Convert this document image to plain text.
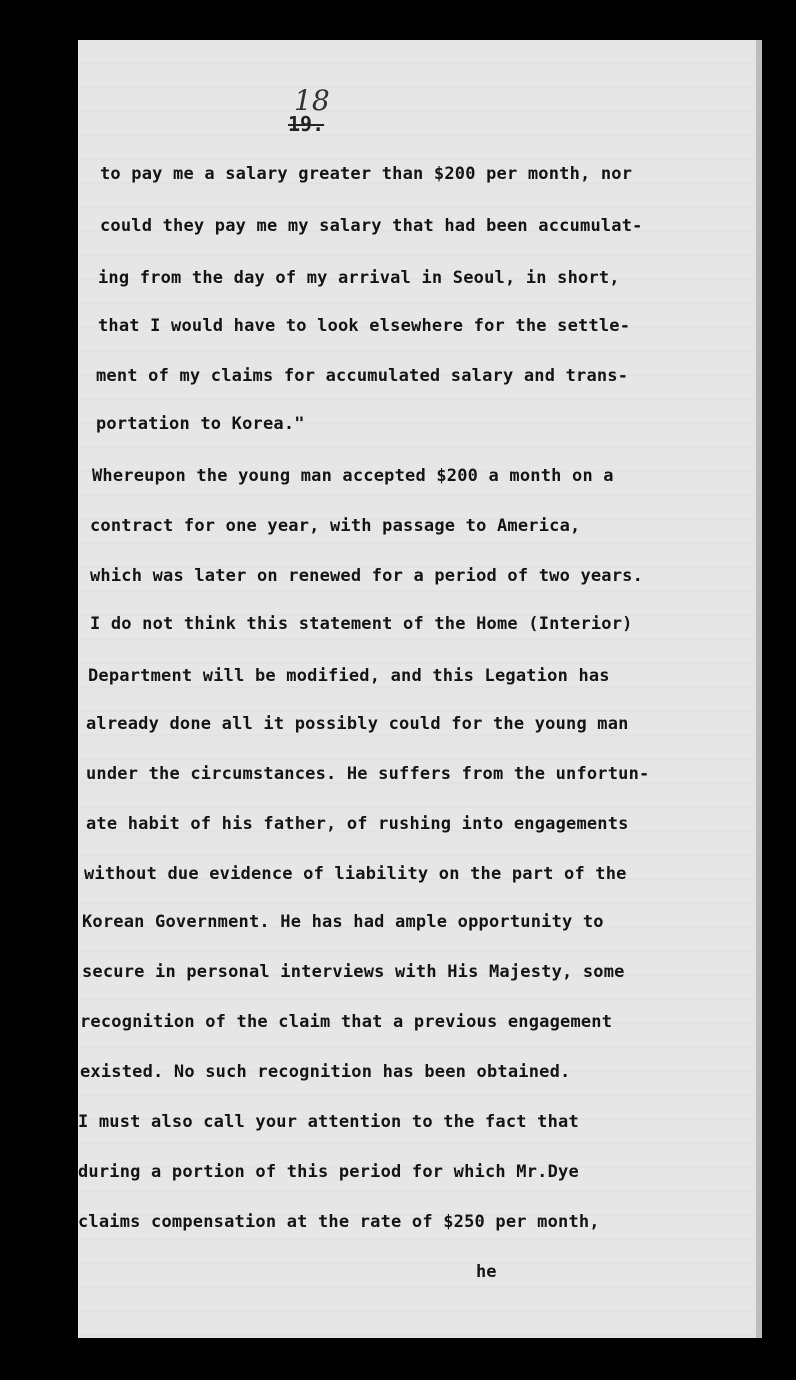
18
19.
to pay me a salary greater than $200 per month, nor
could they pay me my salary that had been accumulat-
ing from the day of my arrival in Seoul, in short,
that I would have to look elsewhere for the settle-
ment of my claims for accumulated salary and trans-
portation to Korea."
Whereupon the young man accepted $200 a month on a
contract for one year, with passage to America,
which was later on renewed for a period of two years.
I do not think this statement of the Home (Interior)
Department will be modified, and this Legation has
already done all it possibly could for the young man
under the circumstances. He suffers from the unfortun-
ate habit of his father, of rushing into engagements
without due evidence of liability on the part of the
Korean Government. He has had ample opportunity to
secure in personal interviews with His Majesty, some
recognition of the claim that a previous engagement
existed. No such recognition has been obtained.
I must also call your attention to the fact that
during a portion of this period for which Mr.Dye
claims compensation at the rate of $250 per month,
he
